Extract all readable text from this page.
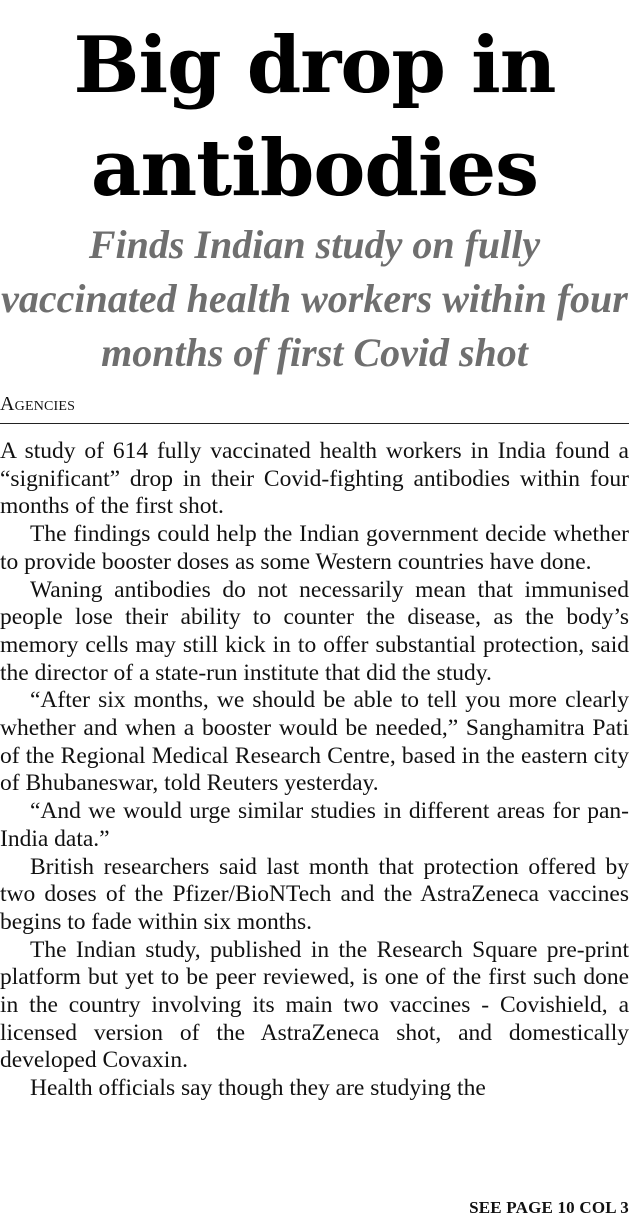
Big drop in antibodies
Finds Indian study on fully vaccinated health workers within four months of first Covid shot
Agencies

A study of 614 fully vaccinated health workers in India found a “significant” drop in their Covid-fighting antibodies within four months of the first shot.

The findings could help the Indian government decide whether to provide booster doses as some Western countries have done.

Waning antibodies do not necessarily mean that immunised people lose their ability to counter the disease, as the body’s memory cells may still kick in to offer substantial protection, said the director of a state-run institute that did the study.

“After six months, we should be able to tell you more clearly whether and when a booster would be needed,” Sanghamitra Pati of the Regional Medical Research Centre, based in the eastern city of Bhubaneswar, told Reuters yesterday.

“And we would urge similar studies in different areas for pan-India data.”

British researchers said last month that protection offered by two doses of the Pfizer/BioNTech and the AstraZeneca vaccines begins to fade within six months.

The Indian study, published in the Research Square pre-print platform but yet to be peer reviewed, is one of the first such done in the country involving its main two vaccines - Covishield, a licensed version of the AstraZeneca shot, and domestically developed Covaxin.

Health officials say though they are studying the

SEE PAGE 10 COL 3
